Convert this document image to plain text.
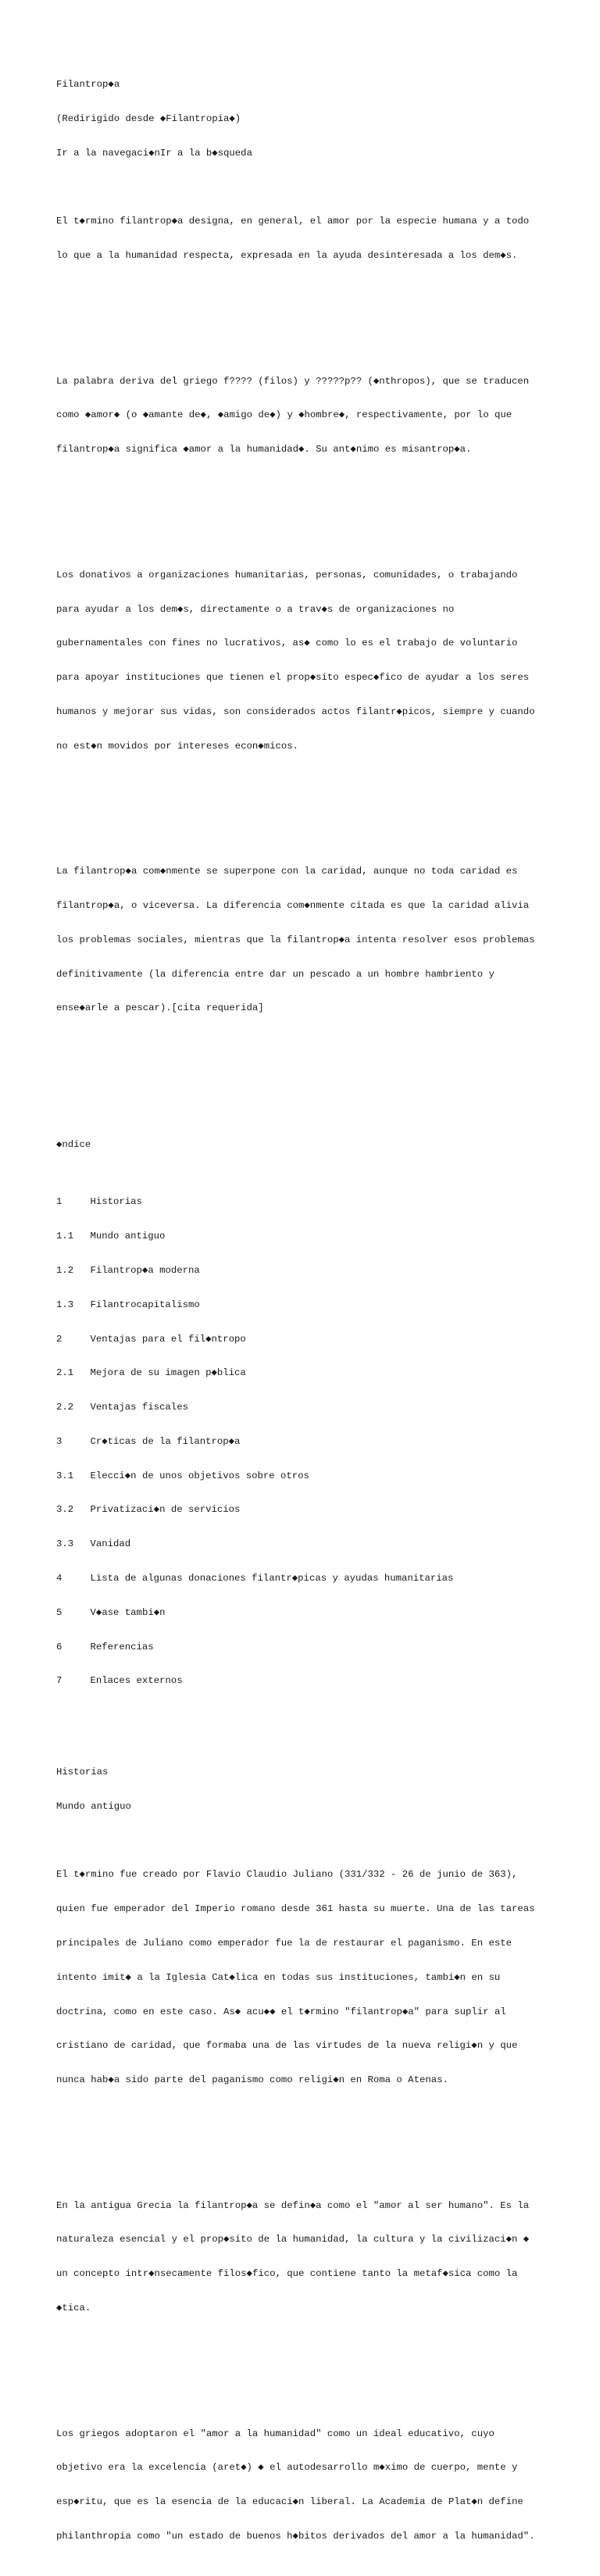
Filantrop◆a

(Redirigido desde ◆Filantropia◆)

Ir a la navegaci◆nIr a la b◆squeda

El t◆rmino filantrop◆a designa, en general, el amor por la especie humana y a todo

lo que a la humanidad respecta, expresada en la ayuda desinteresada a los dem◆s.

La palabra deriva del griego f???? (filos) y ?????p?? (◆nthropos), que se traducen

como ◆amor◆ (o ◆amante de◆, ◆amigo de◆) y ◆hombre◆, respectivamente, por lo que

filantrop◆a significa ◆amor a la humanidad◆. Su ant◆nimo es misantrop◆a.

Los donativos a organizaciones humanitarias, personas, comunidades, o trabajando

para ayudar a los dem◆s, directamente o a trav◆s de organizaciones no

gubernamentales con fines no lucrativos, as◆ como lo es el trabajo de voluntario

para apoyar instituciones que tienen el prop◆sito espec◆fico de ayudar a los seres

humanos y mejorar sus vidas, son considerados actos filantr◆picos, siempre y cuando

no est◆n movidos por intereses econ◆micos.

La filantrop◆a com◆nmente se superpone con la caridad, aunque no toda caridad es

filantrop◆a, o viceversa. La diferencia com◆nmente citada es que la caridad alivia

los problemas sociales, mientras que la filantrop◆a intenta resolver esos problemas

definitivamente (la diferencia entre dar un pescado a un hombre hambriento y

ense◆arle a pescar).[cita requerida]

◆ndice

1	Historias

1.1 Mundo antiguo

1.2 Filantrop◆a moderna

1.3 Filantrocapitalismo

2	Ventajas para el fil◆ntropo

2.1 Mejora de su imagen p◆blica

2.2 Ventajas fiscales

3	Cr◆ticas de la filantrop◆a

3.1 Elecci◆n de unos objetivos sobre otros

3.2 Privatizaci◆n de servicios

3.3 Vanidad

4	Lista de algunas donaciones filantr◆picas y ayudas humanitarias

5	V◆ase tambi◆n

6	Referencias

7	Enlaces externos

Historias

Mundo antiguo

El t◆rmino fue creado por Flavio Claudio Juliano (331/332 - 26 de junio de 363),

quien fue emperador del Imperio romano desde 361 hasta su muerte. Una de las tareas

principales de Juliano como emperador fue la de restaurar el paganismo. En este

intento imit◆ a la Iglesia Cat◆lica en todas sus instituciones, tambi◆n en su

doctrina, como en este caso. As◆ acu◆◆ el t◆rmino "filantrop◆a" para suplir al

cristiano de caridad, que formaba una de las virtudes de la nueva religi◆n y que

nunca hab◆a sido parte del paganismo como religi◆n en Roma o Atenas.

En la antigua Grecia la filantrop◆a se defin◆a como el "amor al ser humano". Es la

naturaleza esencial y el prop◆sito de la humanidad, la cultura y la civilizaci◆n ◆

un concepto intr◆nsecamente filos◆fico, que contiene tanto la metaf◆sica como la

◆tica.

Los griegos adoptaron el "amor a la humanidad" como un ideal educativo, cuyo

objetivo era la excelencia (aret◆) ◆ el autodesarrollo m◆ximo de cuerpo, mente y

esp◆ritu, que es la esencia de la educaci◆n liberal. La Academia de Plat◆n define

philanthropia como "un estado de buenos h◆bitos derivados del amor a la humanidad".
